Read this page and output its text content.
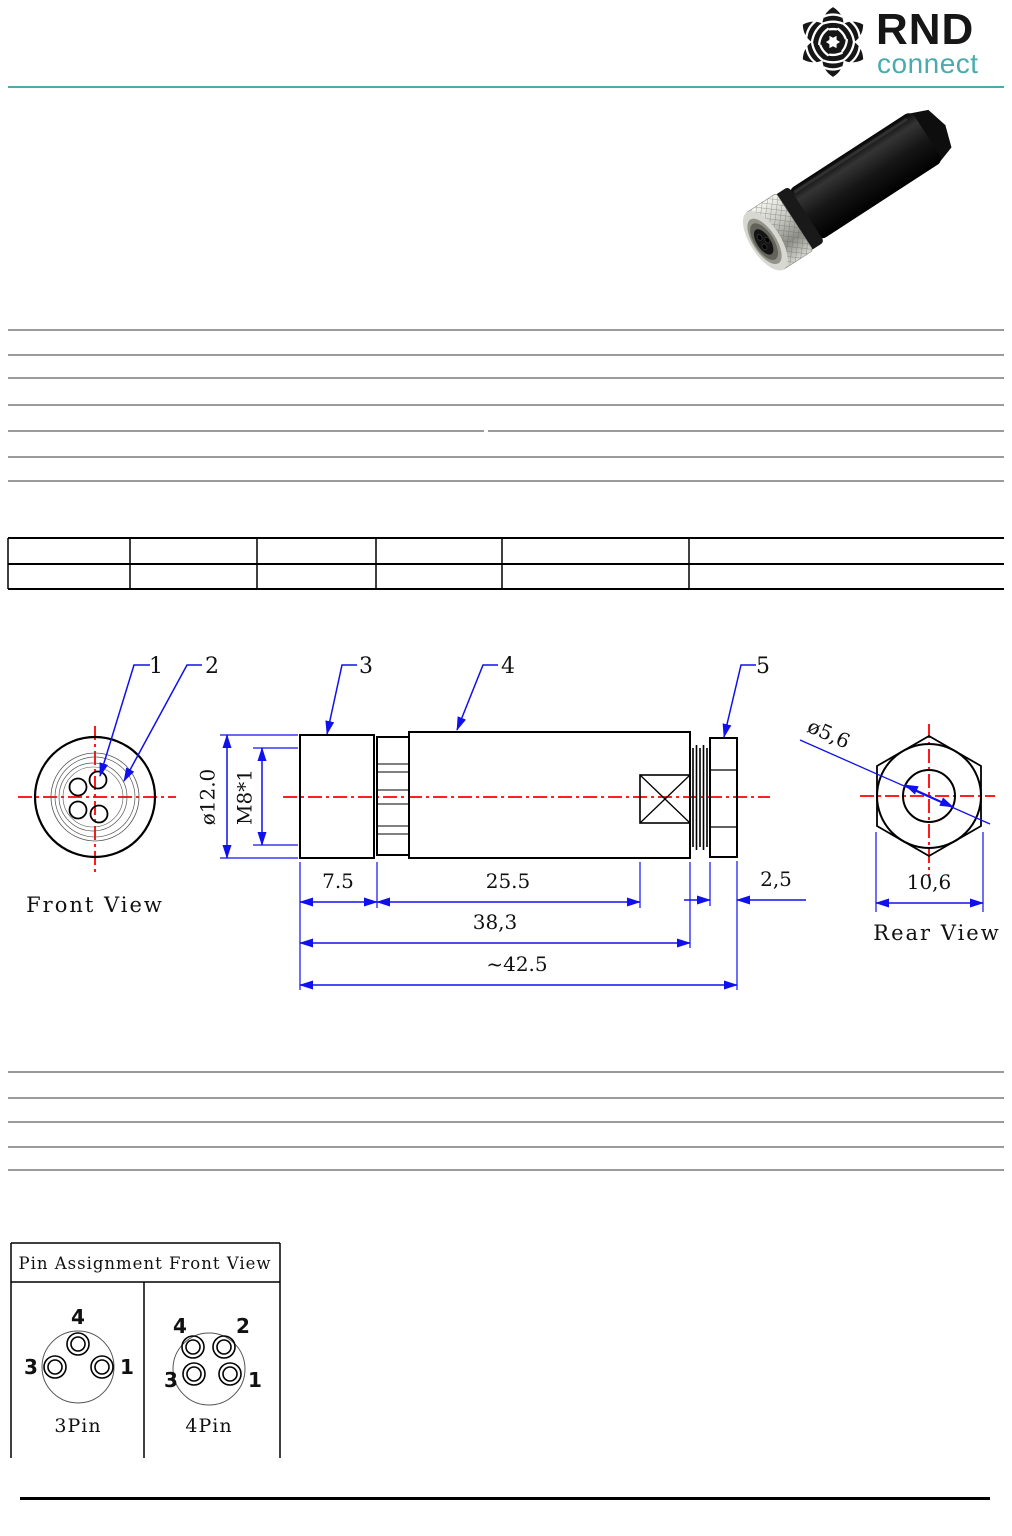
RND
connect
Front View
1 2	3	4	5
ø12.0 M8*1
7.5	25.5
38,3
~42.5
2,5
ø5,6
10,6
Rear View
Pin Assignment Front View
4
3	1
3Pin
4 2
3	1
4Pin
